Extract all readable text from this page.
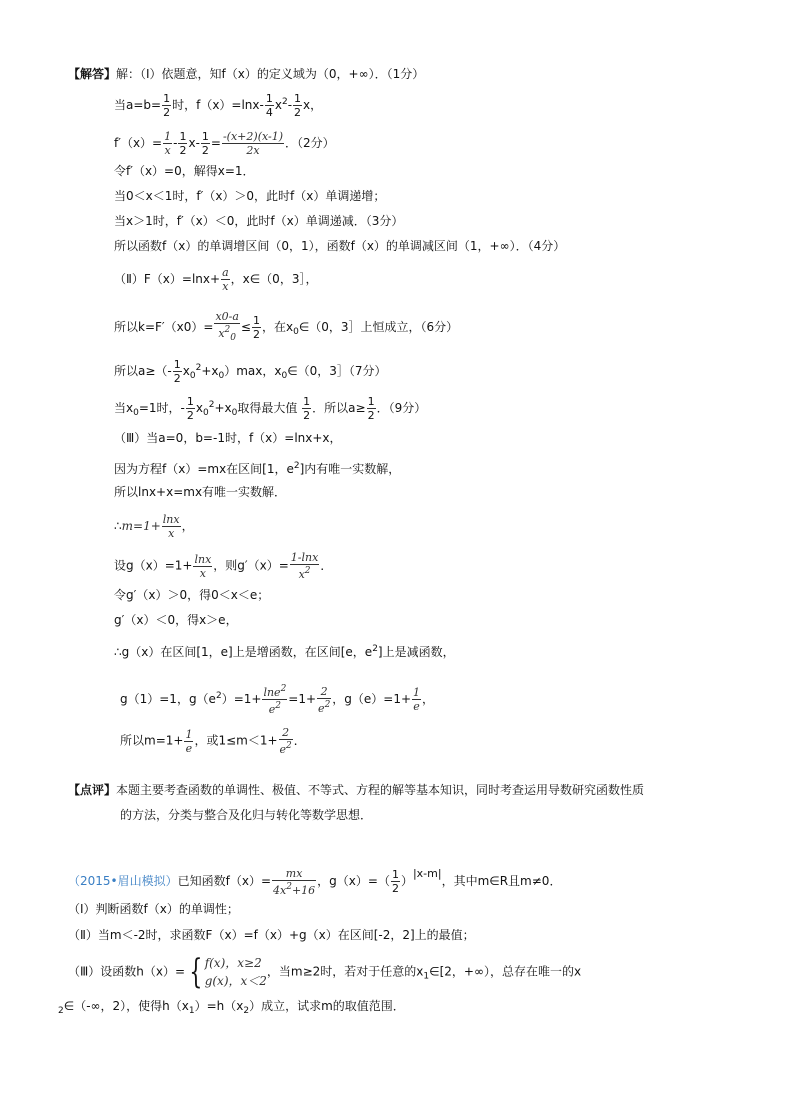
【解答】解：（Ⅰ）依题意，知f（x）的定义域为（0，+∞）．（1分）
当$a=b= \frac{1}{2}$ 时，$f(x)=\ln x- \frac{1}{4} x^2- \frac{1}{2}$ x，
$f'(x)= \frac{1}{x} - \frac{1}{2} x- \frac{1}{2} = \frac{-(x+2)(x-1)}{2x}$ ．（2分）
令f′（x）=0，解得x=1．
当0＜x＜1时，f′（x）＞0，此时f（x）单调递增；
当x＞1时，f′（x）＜0，此时f（x）单调递减．（3分）
所以函数f（x）的单调增区间（0，1），函数f（x）的单调减区间（1，+∞）．（4分）
（Ⅱ）F（x）=lnx+ $\frac{a}{x}$ ，x∈（0，3］，
所以$k=F'(x0)= \frac{x0-a}{x^2_0} \le \frac{1}{2}$ ，在$x_0\in(0$，3］上恒成立，（6分）
所以$a\ge(- \frac{1}{2} x_0^2+x_0)\max$，$x_0\in(0$，3］（7分）
当$x_0=1$时，- $\frac{1}{2} x_0^2+x_0$取得最大值 $\frac{1}{2}$ ．所以$a\ge \frac{1}{2}$ ．（9分）
（Ⅲ）当a=0，b=-1时，f（x）=lnx+x，
因为方程f（x）=mx在区间[1，$e^2$]内有唯一实数解，
所以lnx+x=mx有唯一实数解．
∴m=1+ $\frac{\ln x}{x}$ ，
设$g(x)=1+ \frac{\ln x}{x}$ ，则$g'(x)= \frac{1-\ln x}{x^2}$ ．
令g′（x）＞0，得0＜x＜e；
g′（x）＜0，得x＞e，
∴g（x）在区间[1，e]上是增函数，在区间[e，$e^2$]上是减函数，
g（1）=1，$g(e^2)=1+ \frac{\ln e^2}{e^2} =1+ \frac{2}{e^2}$ ，$g(e)=1+ \frac{1}{e}$ ，
所以$m=1+ \frac{1}{e}$ ，或$1\le m<1+ \frac{2}{e^2}$ ．
【点评】本题主要考查函数的单调性、极值、不等式、方程的解等基本知识，同时考查运用导数研究函数性质
的方法，分类与整合及化归与转化等数学思想．
（2015•眉山模拟）已知函数$f(x)= \frac{mx}{4x^2+16}$ ，$g(x)=( \frac{1}{2} )^{|x-m|}$，其中m∈R且m≠0．
（Ⅰ）判断函数f（x）的单调性；
（Ⅱ）当m＜-2时，求函数F（x）=f（x）+g（x）在区间[-2，2]上的最值；
（Ⅲ）设函数h（x）= { f(x)，x≥2
g(x)，x＜2
，当m≥2时，若对于任意的$x_1\in[2$，+∞），总存在唯一的x
$_2$∈（-∞，2），使得$h(x_1)=h(x_2)$成立，试求m的取值范围．
